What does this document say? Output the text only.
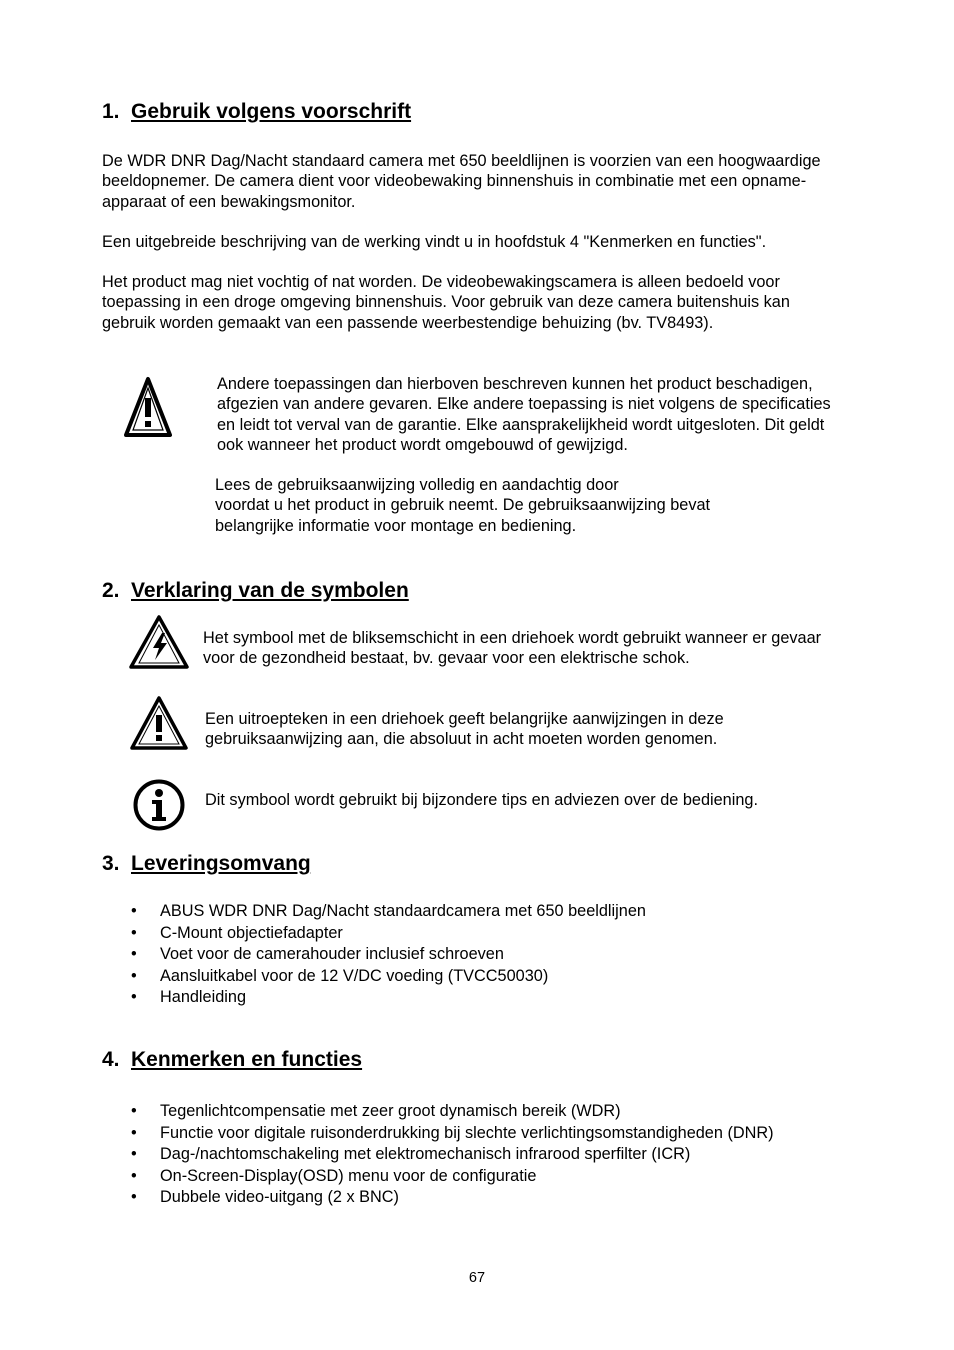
1. Gebruik volgens voorschrift
De WDR DNR Dag/Nacht standaard camera met 650 beeldlijnen is voorzien van een hoogwaardige
beeldopnemer. De camera dient voor videobewaking binnenshuis in combinatie met een opname-
apparaat of een bewakingsmonitor.
Een uitgebreide beschrijving van de werking vindt u in hoofdstuk 4 "Kenmerken en functies".
Het product mag niet vochtig of nat worden. De videobewakingscamera is alleen bedoeld voor
toepassing in een droge omgeving binnenshuis. Voor gebruik van deze camera buitenshuis kan
gebruik worden gemaakt van een passende weerbestendige behuizing (bv. TV8493).
Andere toepassingen dan hierboven beschreven kunnen het product beschadigen,
afgezien van andere gevaren. Elke andere toepassing is niet volgens de specificaties
en leidt tot verval van de garantie. Elke aansprakelijkheid wordt uitgesloten. Dit geldt
ook wanneer het product wordt omgebouwd of gewijzigd.
Lees de gebruiksaanwijzing volledig en aandachtig door
voordat u het product in gebruik neemt. De gebruiksaanwijzing bevat
belangrijke informatie voor montage en bediening.
2. Verklaring van de symbolen
Het symbool met de bliksemschicht in een driehoek wordt gebruikt wanneer er gevaar
voor de gezondheid bestaat, bv. gevaar voor een elektrische schok.
Een uitroepteken in een driehoek geeft belangrijke aanwijzingen in deze
gebruiksaanwijzing aan, die absoluut in acht moeten worden genomen.
Dit symbool wordt gebruikt bij bijzondere tips en adviezen over de bediening.
3. Leveringsomvang
• ABUS WDR DNR Dag/Nacht standaardcamera met 650 beeldlijnen
• C-Mount objectiefadapter
• Voet voor de camerahouder inclusief schroeven
• Aansluitkabel voor de 12 V/DC voeding (TVCC50030)
• Handleiding
4. Kenmerken en functies
• Tegenlichtcompensatie met zeer groot dynamisch bereik (WDR)
• Functie voor digitale ruisonderdrukking bij slechte verlichtingsomstandigheden (DNR)
• Dag-/nachtomschakeling met elektromechanisch infrarood sperfilter (ICR)
• On-Screen-Display(OSD) menu voor de configuratie
• Dubbele video-uitgang (2 x BNC)
67
